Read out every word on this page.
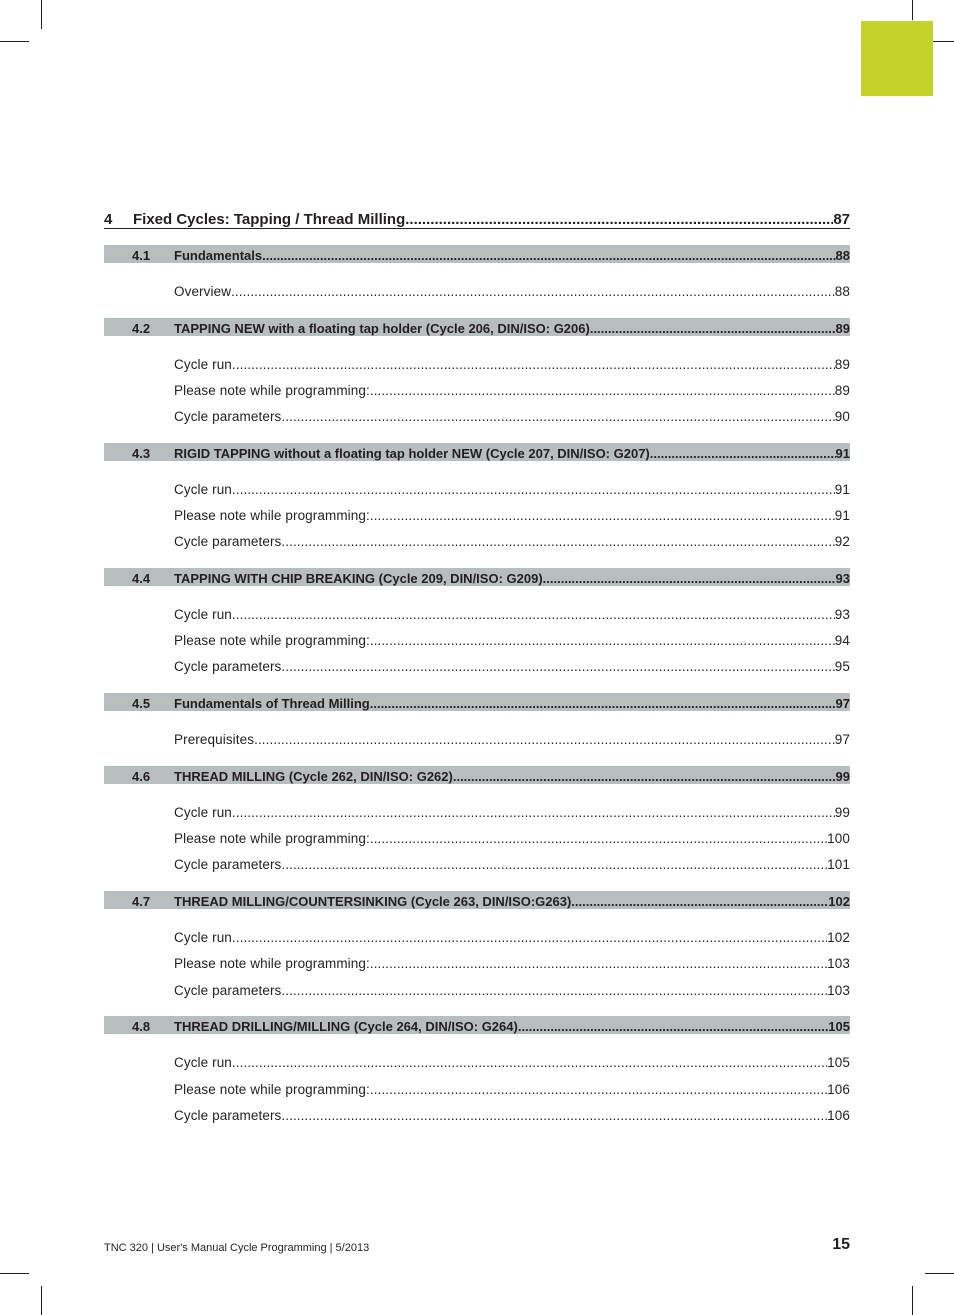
4	Fixed Cycles: Tapping / Thread Milling .....	87
4.1	Fundamentals .....	88
Overview .....	88
4.2	TAPPING NEW with a floating tap holder (Cycle 206, DIN/ISO: G206) .....	89
Cycle run .....	89
Please note while programming: .....	89
Cycle parameters .....	90
4.3	RIGID TAPPING without a floating tap holder NEW (Cycle 207, DIN/ISO: G207) .....	91
Cycle run .....	91
Please note while programming: .....	91
Cycle parameters .....	92
4.4	TAPPING WITH CHIP BREAKING (Cycle 209, DIN/ISO: G209) .....	93
Cycle run .....	93
Please note while programming: .....	94
Cycle parameters .....	95
4.5	Fundamentals of Thread Milling .....	97
Prerequisites .....	97
4.6	THREAD MILLING (Cycle 262, DIN/ISO: G262) .....	99
Cycle run .....	99
Please note while programming: .....	100
Cycle parameters .....	101
4.7	THREAD MILLING/COUNTERSINKING (Cycle 263, DIN/ISO:G263) .....	102
Cycle run .....	102
Please note while programming: .....	103
Cycle parameters .....	103
4.8	THREAD DRILLING/MILLING (Cycle 264, DIN/ISO: G264) .....	105
Cycle run .....	105
Please note while programming: .....	106
Cycle parameters .....	106
TNC 320 | User's Manual Cycle Programming | 5/2013	15
